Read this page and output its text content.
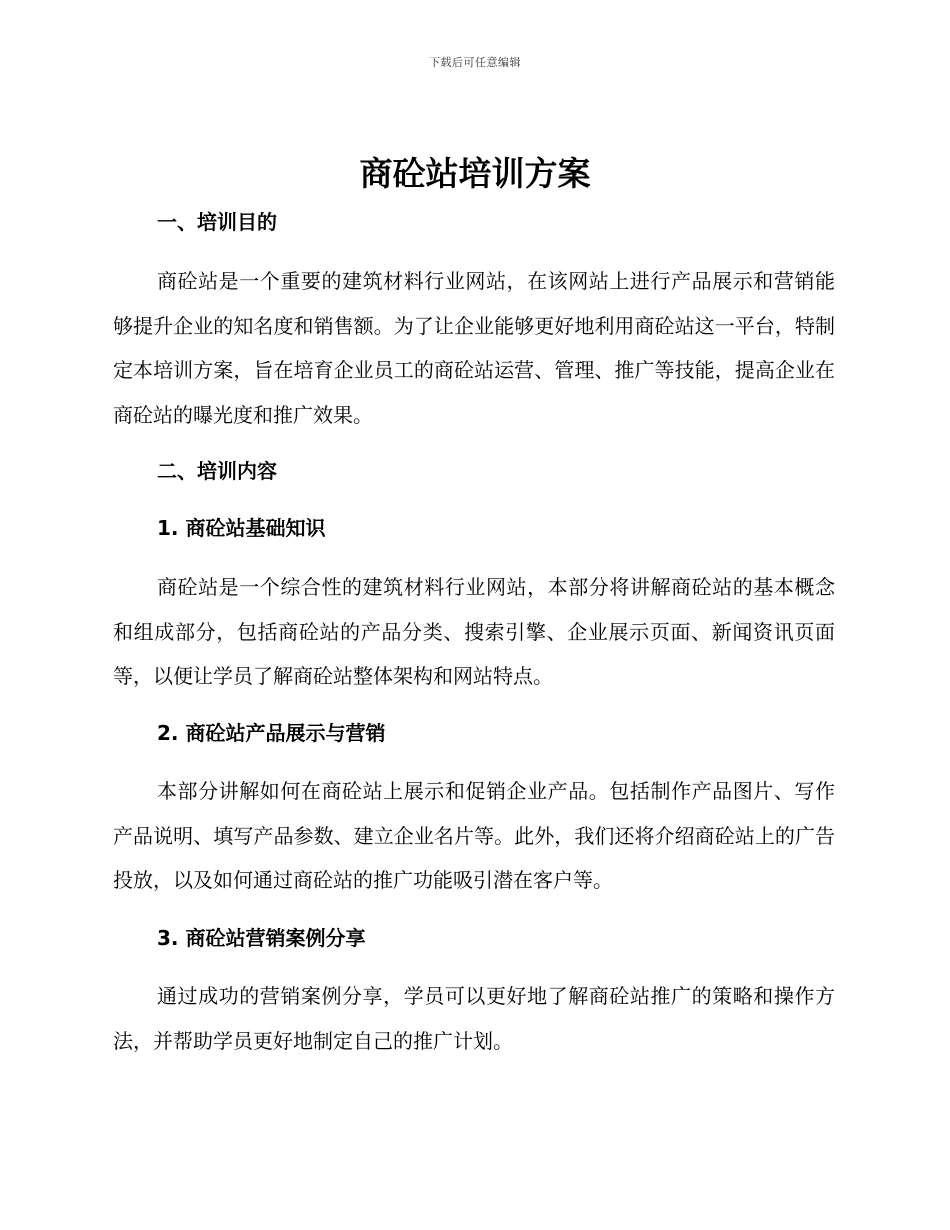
下载后可任意编辑
商砼站培训方案
一、培训目的

商砼站是一个重要的建筑材料行业网站，在该网站上进行产品展示和营销能够提升企业的知名度和销售额。为了让企业能够更好地利用商砼站这一平台，特制定本培训方案，旨在培育企业员工的商砼站运营、管理、推广等技能，提高企业在商砼站的曝光度和推广效果。

二、培训内容
1. 商砼站基础知识

商砼站是一个综合性的建筑材料行业网站，本部分将讲解商砼站的基本概念和组成部分，包括商砼站的产品分类、搜索引擎、企业展示页面、新闻资讯页面等，以便让学员了解商砼站整体架构和网站特点。

2. 商砼站产品展示与营销

本部分讲解如何在商砼站上展示和促销企业产品。包括制作产品图片、写作产品说明、填写产品参数、建立企业名片等。此外，我们还将介绍商砼站上的广告投放，以及如何通过商砼站的推广功能吸引潜在客户等。

3. 商砼站营销案例分享

通过成功的营销案例分享，学员可以更好地了解商砼站推广的策略和操作方法，并帮助学员更好地制定自己的推广计划。
